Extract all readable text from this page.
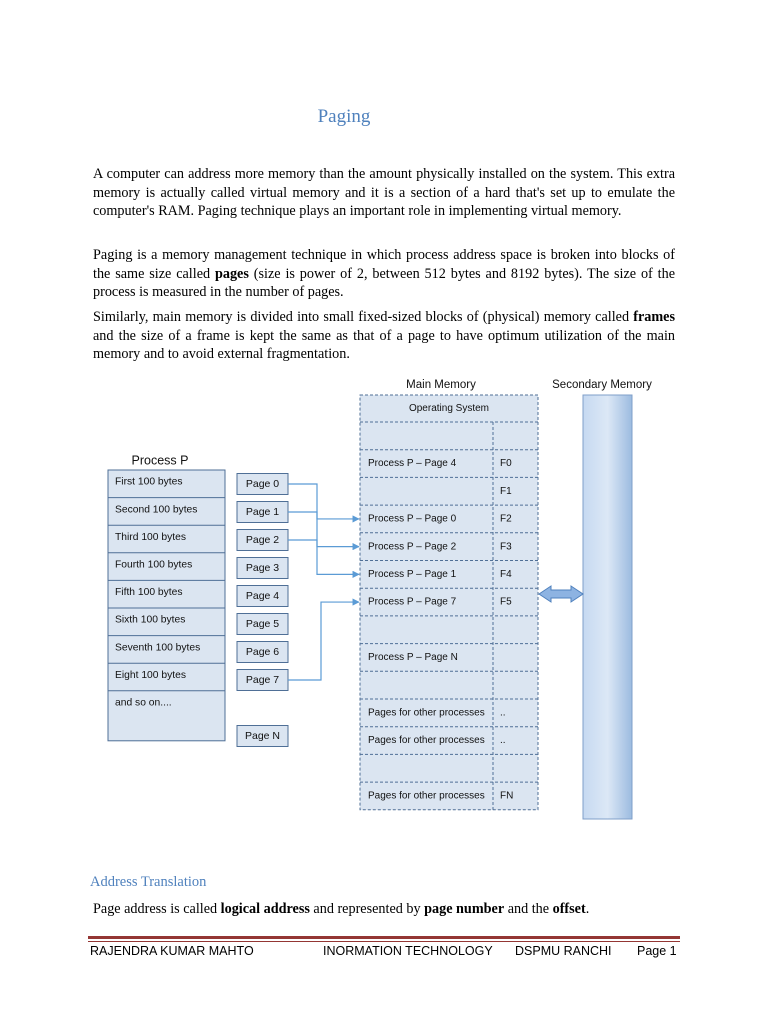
Paging
A computer can address more memory than the amount physically installed on the system. This extra memory is actually called virtual memory and it is a section of a hard that's set up to emulate the computer's RAM. Paging technique plays an important role in implementing virtual memory.
Paging is a memory management technique in which process address space is broken into blocks of the same size called pages (size is power of 2, between 512 bytes and 8192 bytes). The size of the process is measured in the number of pages.
Similarly, main memory is divided into small fixed-sized blocks of (physical) memory called frames and the size of a frame is kept the same as that of a page to have optimum utilization of the main memory and to avoid external fragmentation.
Process P
First 100 bytes
Second 100 bytes
Third 100 bytes
Fourth 100 bytes
Fifth 100 bytes
Sixth 100 bytes
Seventh 100 bytes
Eight 100 bytes
and so on....
Page 0
Page 1
Page 2
Page 3
Page 4
Page 5
Page 6
Page 7
Page N
Main Memory
Operating System
Process P – Page 4	F0
F1
Process P – Page 0	F2
Process P – Page 2	F3
Process P – Page 1	F4
Process P – Page 7	F5
Process P – Page N
Pages for other processes ..
Pages for other processes ..
Pages for other processes FN
Secondary Memory
Address Translation
Page address is called logical address and represented by page number and the offset.
RAJENDRA KUMAR MAHTO	INORMATION TECHNOLOGY DSPMU RANCHI Page 1
